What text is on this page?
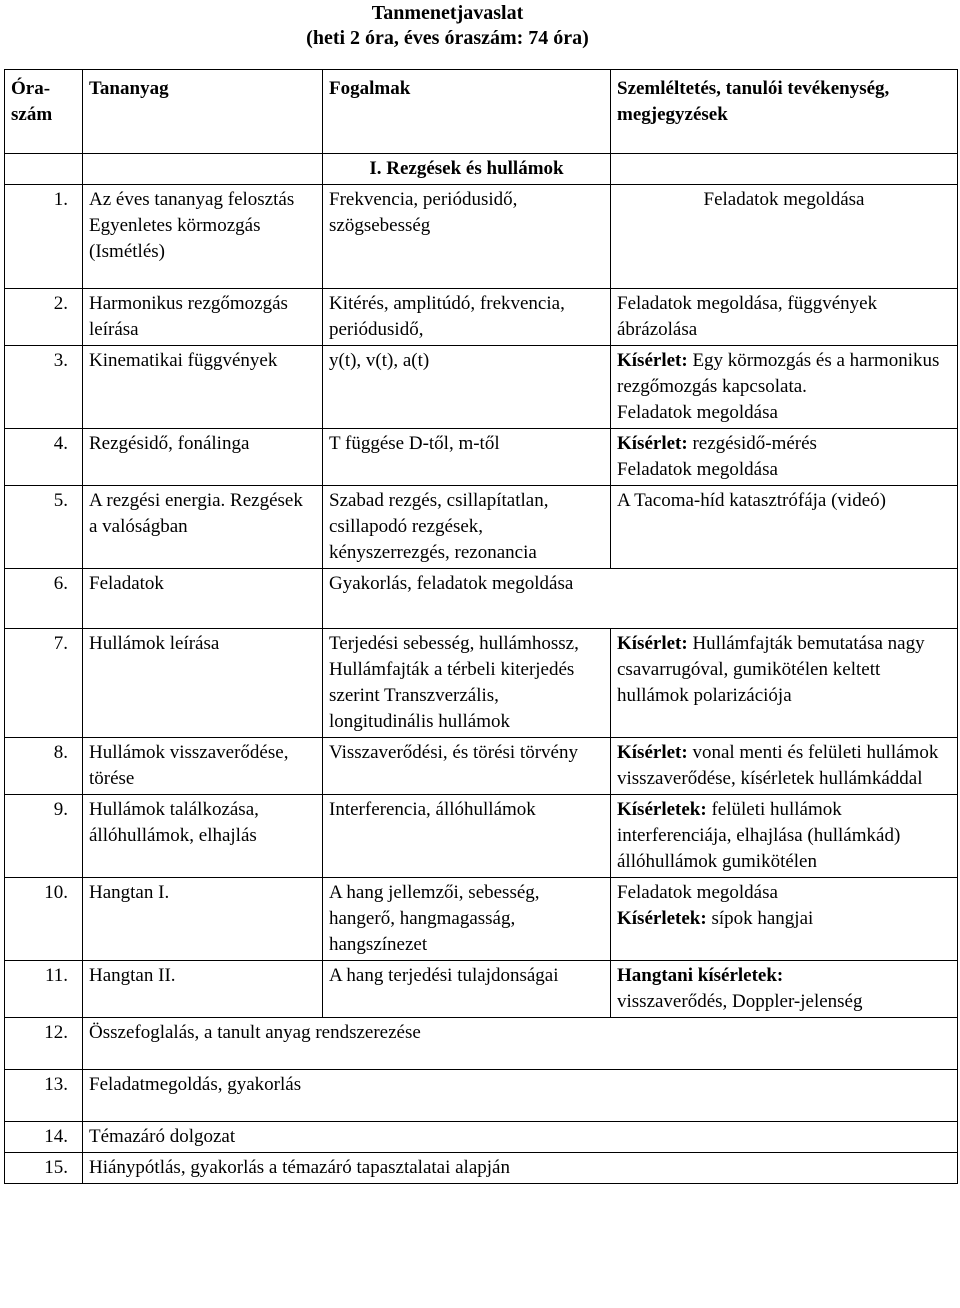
Tanmenetjavaslat
(heti 2 óra, éves óraszám: 74 óra)
Óra-
szám	Tananyag	Fogalmak	Szemléltetés, tanulói tevékenység, megjegyzések
		I. Rezgések és hullámok	
1.	Az éves tananyag felosztás Egyenletes körmozgás (Ismétlés)	Frekvencia, periódusidő, szögsebesség	Feladatok megoldása
2.	Harmonikus rezgőmozgás leírása	Kitérés, amplitúdó, frekvencia, periódusidő,	Feladatok megoldása, függvények ábrázolása
3.	Kinematikai függvények	y(t), v(t), a(t)	Kísérlet: Egy körmozgás és a harmonikus rezgőmozgás kapcsolata.
Feladatok megoldása

4.	Rezgésidő, fonálinga	T függése D-től, m-től	Kísérlet: rezgésidő-mérés
Feladatok megoldása

5.	A rezgési energia. Rezgések a valóságban	Szabad rezgés, csillapítatlan, csillapodó rezgések, kényszerrezgés, rezonancia	A Tacoma-híd katasztrófája (videó)
6.	Feladatok	Gyakorlás, feladatok megoldása	
7.	Hullámok leírása	Terjedési sebesség, hullámhossz, Hullámfajták a térbeli kiterjedés szerint Transzverzális, longitudinális hullámok	Kísérlet: Hullámfajták bemutatása nagy csavarrugóval, gumikötélen keltett hullámok polarizációja
8.	Hullámok visszaverődése, törése	Visszaverődési, és törési törvény	Kísérlet: vonal menti és felületi hullámok visszaverődése, kísérletek hullámkáddal
9.	Hullámok találkozása, állóhullámok, elhajlás	Interferencia, állóhullámok	Kísérletek: felületi hullámok interferenciája, elhajlása (hullámkád) állóhullámok gumikötélen
10.	Hangtan I.	A hang jellemzői, sebesség, hangerő, hangmagasság, hangszínezet	Feladatok megoldása
Kísérletek: sípok hangjai
11.	Hangtan II.	A hang terjedési tulajdonságai	Hangtani kísérletek:
visszaverődés, Doppler-jelenség
12.	Összefoglalás, a tanult anyag rendszerezése		
13.	Feladatmegoldás, gyakorlás		
14.	Témazáró dolgozat		
15.	Hiánypótlás, gyakorlás a témazáró tapasztalatai alapján		
